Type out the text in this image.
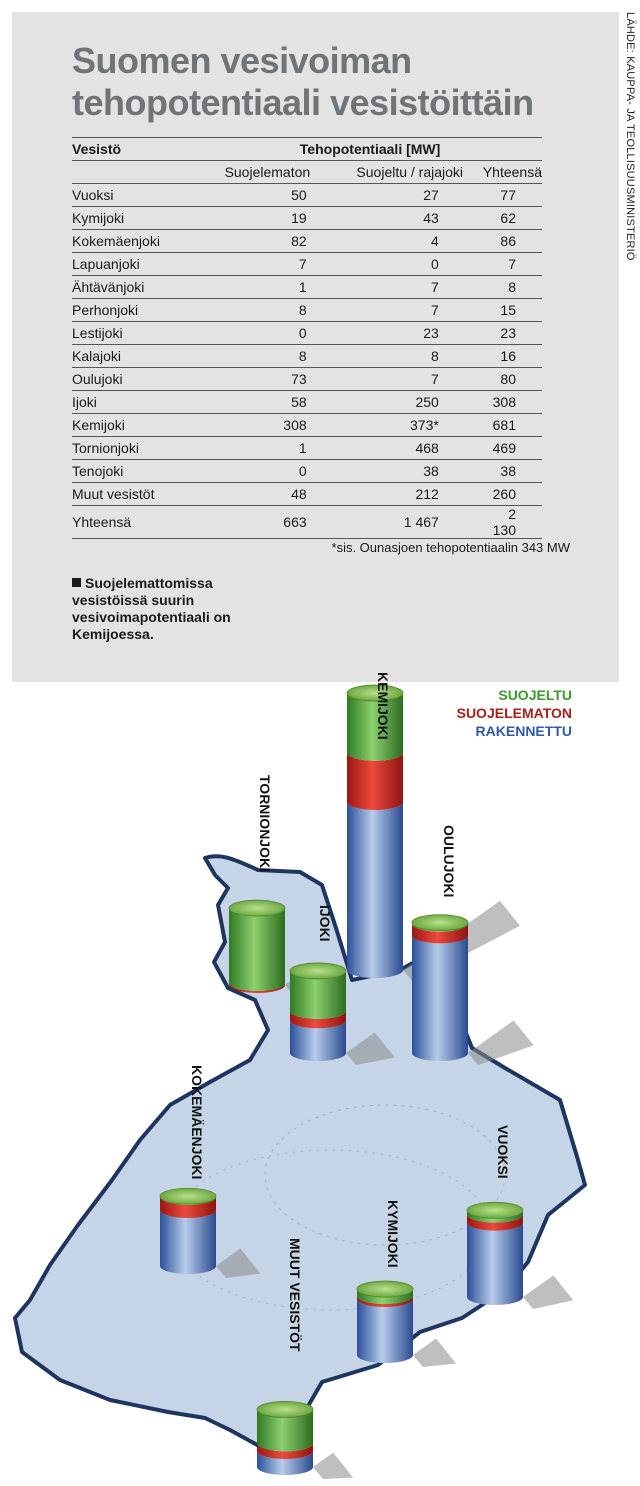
Suomen vesivoiman
tehopotentiaali vesistöittäin	LÄHDE: KAUPPA- JA TEOLLISUUSMINISTERIÖ
Vesistö	Tehopotentiaali [MW]		
	Suojelematon	Suojeltu / rajajoki	Yhteensä
Vuoksi	50	27	77
Kymijoki	19	43	62
Kokemäenjoki	82	4	86
Lapuanjoki	7	0	7
Ähtävänjoki	1	7	8
Perhonjoki	8	7	15
Lestijoki	0	23	23
Kalajoki	8	8	16
Oulujoki	73	7	80
Ijoki	58	250	308
Kemijoki	308	373*	681
Tornionjoki	1	468	469
Tenojoki	0	38	38
Muut vesistöt	48	212	260
Yhteensä	663	1 467	2 130
*sis. Ounasjoen tehopotentiaalin 343 MW
Suojelemattomissa vesistöissä suurin vesivoimapotentiaali on Kemijoessa.
KEMIJOKI
TORNIONJOKI
IJOKI
OULUJOKI
KOKEMÄENJOKI	VUOKSI
KYMIJOKI
MUUT VESISTÖT
SUOJELTU
SUOJELEMATON
RAKENNETTU
